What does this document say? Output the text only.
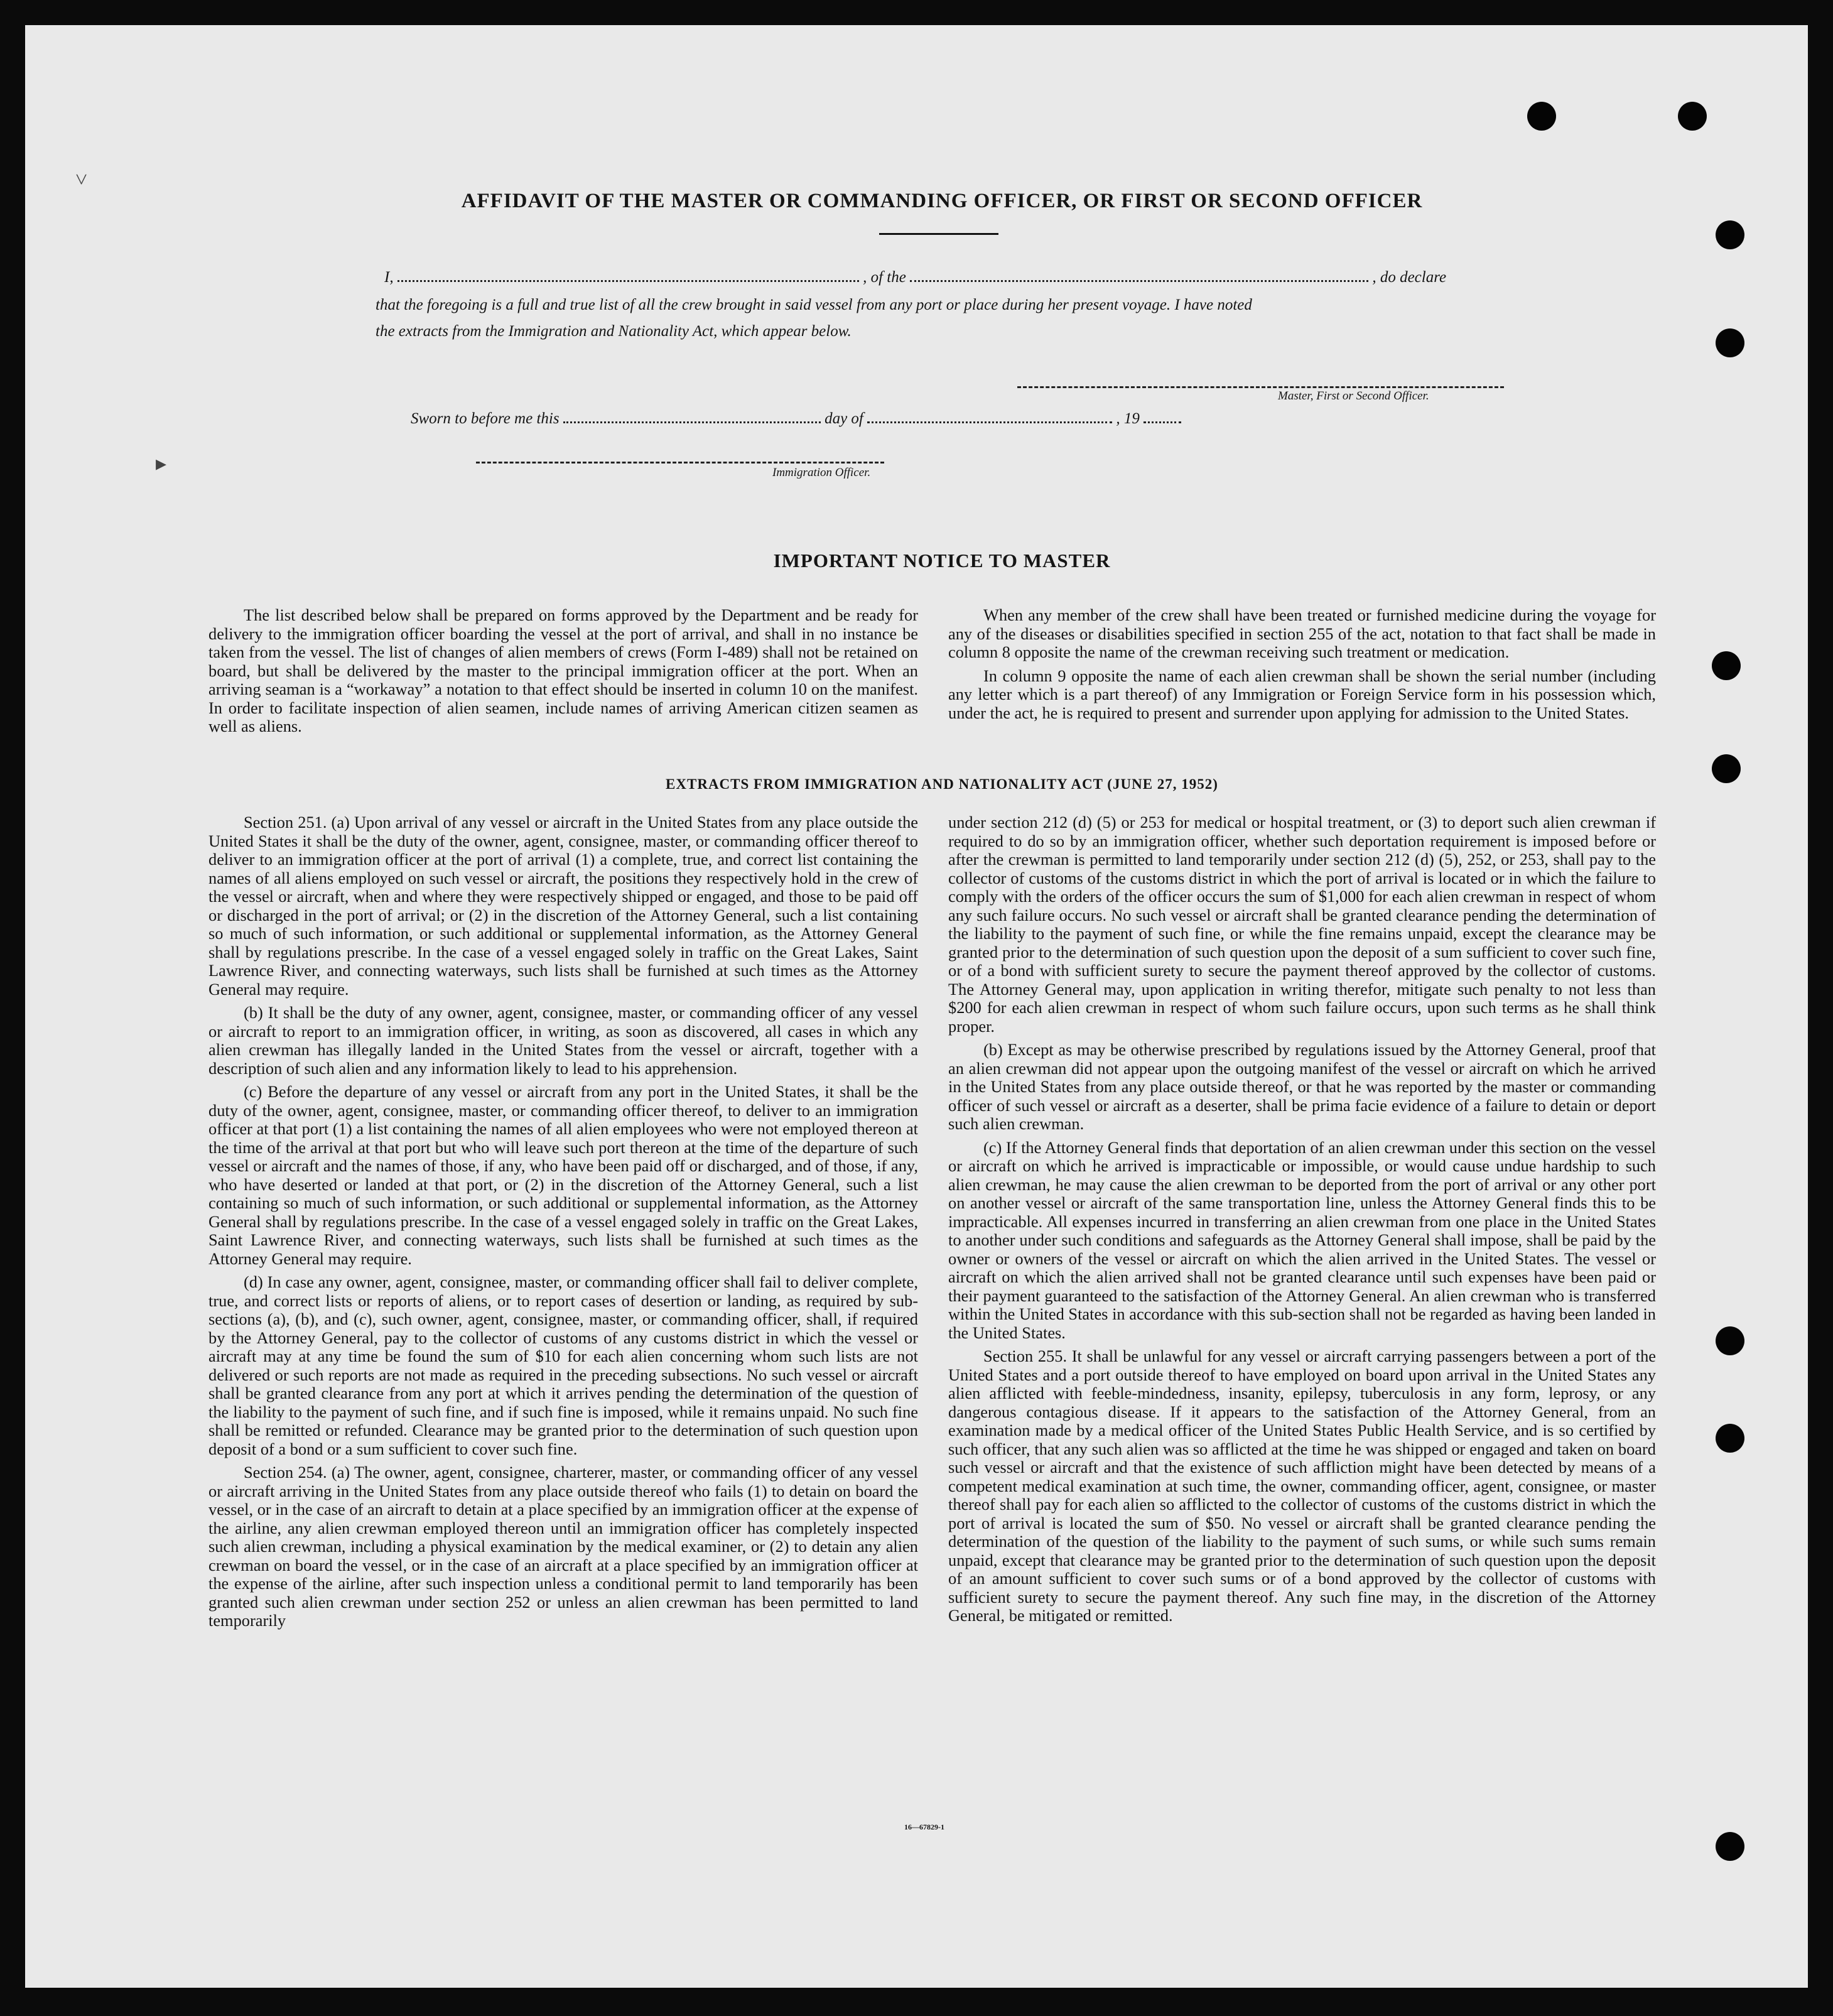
˅
▸
AFFIDAVIT OF THE MASTER OR COMMANDING OFFICER, OR FIRST OR SECOND OFFICER
I,	, of the	, do declare
that the foregoing is a full and true list of all the crew brought in said vessel from any port or place during her present voyage. I have noted
the extracts from the Immigration and Nationality Act, which appear below.
Master, First or Second Officer.
Sworn to before me this	day of	, 19
Immigration Officer.
IMPORTANT NOTICE TO MASTER

The list described below shall be prepared on forms approved by the Department and be ready for delivery to the immigration officer boarding the vessel at the port of arrival, and shall in no instance be taken from the vessel. The list of changes of alien members of crews (Form I-489) shall not be retained on board, but shall be delivered by the master to the principal immigration officer at the port. When an arriving seaman is a “workaway” a notation to that effect should be inserted in column 10 on the manifest. In order to facilitate inspection of alien seamen, include names of arriving American citizen seamen as well as aliens.

When any member of the crew shall have been treated or furnished medicine during the voyage for any of the diseases or disabilities specified in section 255 of the act, notation to that fact shall be made in column 8 opposite the name of the crewman receiving such treatment or medication.

In column 9 opposite the name of each alien crewman shall be shown the serial number (including any letter which is a part thereof) of any Immigration or Foreign Service form in his possession which, under the act, he is required to present and surrender upon applying for admission to the United States.

EXTRACTS FROM IMMIGRATION AND NATIONALITY ACT (JUNE 27, 1952)

Section 251. (a) Upon arrival of any vessel or aircraft in the United States from any place outside the United States it shall be the duty of the owner, agent, consignee, master, or commanding officer thereof to deliver to an immigration officer at the port of arrival (1) a complete, true, and correct list containing the names of all aliens employed on such vessel or aircraft, the positions they respectively hold in the crew of the vessel or aircraft, when and where they were respectively shipped or engaged, and those to be paid off or discharged in the port of arrival; or (2) in the discretion of the Attorney General, such a list containing so much of such information, or such additional or supplemental information, as the Attorney General shall by regulations prescribe. In the case of a vessel engaged solely in traffic on the Great Lakes, Saint Lawrence River, and connecting waterways, such lists shall be furnished at such times as the Attorney General may require.

(b) It shall be the duty of any owner, agent, consignee, master, or commanding officer of any vessel or aircraft to report to an immigration officer, in writing, as soon as discovered, all cases in which any alien crewman has illegally landed in the United States from the vessel or aircraft, together with a description of such alien and any information likely to lead to his apprehension.

(c) Before the departure of any vessel or aircraft from any port in the United States, it shall be the duty of the owner, agent, consignee, master, or commanding officer thereof, to deliver to an immigration officer at that port (1) a list containing the names of all alien employees who were not employed thereon at the time of the arrival at that port but who will leave such port thereon at the time of the departure of such vessel or aircraft and the names of those, if any, who have been paid off or discharged, and of those, if any, who have deserted or landed at that port, or (2) in the discretion of the Attorney General, such a list containing so much of such information, or such additional or supplemental information, as the Attorney General shall by regulations prescribe. In the case of a vessel engaged solely in traffic on the Great Lakes, Saint Lawrence River, and connecting waterways, such lists shall be furnished at such times as the Attorney General may require.

(d) In case any owner, agent, consignee, master, or commanding officer shall fail to deliver complete, true, and correct lists or reports of aliens, or to report cases of desertion or landing, as required by sub-sections (a), (b), and (c), such owner, agent, consignee, master, or commanding officer, shall, if required by the Attorney General, pay to the collector of customs of any customs district in which the vessel or aircraft may at any time be found the sum of $10 for each alien concerning whom such lists are not delivered or such reports are not made as required in the preceding subsections. No such vessel or aircraft shall be granted clearance from any port at which it arrives pending the determination of the question of the liability to the payment of such fine, and if such fine is imposed, while it remains unpaid. No such fine shall be remitted or refunded. Clearance may be granted prior to the determination of such question upon deposit of a bond or a sum sufficient to cover such fine.

Section 254. (a) The owner, agent, consignee, charterer, master, or commanding officer of any vessel or aircraft arriving in the United States from any place outside thereof who fails (1) to detain on board the vessel, or in the case of an aircraft to detain at a place specified by an immigration officer at the expense of the airline, any alien crewman employed thereon until an immigration officer has completely inspected such alien crewman, including a physical examination by the medical examiner, or (2) to detain any alien crewman on board the vessel, or in the case of an aircraft at a place specified by an immigration officer at the expense of the airline, after such inspection unless a conditional permit to land temporarily has been granted such alien crewman under section 252 or unless an alien crewman has been permitted to land temporarily

under section 212 (d) (5) or 253 for medical or hospital treatment, or (3) to deport such alien crewman if required to do so by an immigration officer, whether such deportation requirement is imposed before or after the crewman is permitted to land temporarily under section 212 (d) (5), 252, or 253, shall pay to the collector of customs of the customs district in which the port of arrival is located or in which the failure to comply with the orders of the officer occurs the sum of $1,000 for each alien crewman in respect of whom any such failure occurs. No such vessel or aircraft shall be granted clearance pending the determination of the liability to the payment of such fine, or while the fine remains unpaid, except the clearance may be granted prior to the determination of such question upon the deposit of a sum sufficient to cover such fine, or of a bond with sufficient surety to secure the payment thereof approved by the collector of customs. The Attorney General may, upon application in writing therefor, mitigate such penalty to not less than $200 for each alien crewman in respect of whom such failure occurs, upon such terms as he shall think proper.

(b) Except as may be otherwise prescribed by regulations issued by the Attorney General, proof that an alien crewman did not appear upon the outgoing manifest of the vessel or aircraft on which he arrived in the United States from any place outside thereof, or that he was reported by the master or commanding officer of such vessel or aircraft as a deserter, shall be prima facie evidence of a failure to detain or deport such alien crewman.

(c) If the Attorney General finds that deportation of an alien crewman under this section on the vessel or aircraft on which he arrived is impracticable or impossible, or would cause undue hardship to such alien crewman, he may cause the alien crewman to be deported from the port of arrival or any other port on another vessel or aircraft of the same transportation line, unless the Attorney General finds this to be impracticable. All expenses incurred in transferring an alien crewman from one place in the United States to another under such conditions and safeguards as the Attorney General shall impose, shall be paid by the owner or owners of the vessel or aircraft on which the alien arrived in the United States. The vessel or aircraft on which the alien arrived shall not be granted clearance until such expenses have been paid or their payment guaranteed to the satisfaction of the Attorney General. An alien crewman who is transferred within the United States in accordance with this sub-section shall not be regarded as having been landed in the United States.

Section 255. It shall be unlawful for any vessel or aircraft carrying passengers between a port of the United States and a port outside thereof to have employed on board upon arrival in the United States any alien afflicted with feeble-mindedness, insanity, epilepsy, tuberculosis in any form, leprosy, or any dangerous contagious disease. If it appears to the satisfaction of the Attorney General, from an examination made by a medical officer of the United States Public Health Service, and is so certified by such officer, that any such alien was so afflicted at the time he was shipped or engaged and taken on board such vessel or aircraft and that the existence of such affliction might have been detected by means of a competent medical examination at such time, the owner, commanding officer, agent, consignee, or master thereof shall pay for each alien so afflicted to the collector of customs of the customs district in which the port of arrival is located the sum of $50. No vessel or aircraft shall be granted clearance pending the determination of the question of the liability to the payment of such sums, or while such sums remain unpaid, except that clearance may be granted prior to the determination of such question upon the deposit of an amount sufficient to cover such sums or of a bond approved by the collector of customs with sufficient surety to secure the payment thereof. Any such fine may, in the discretion of the Attorney General, be mitigated or remitted.

16—67829-1
